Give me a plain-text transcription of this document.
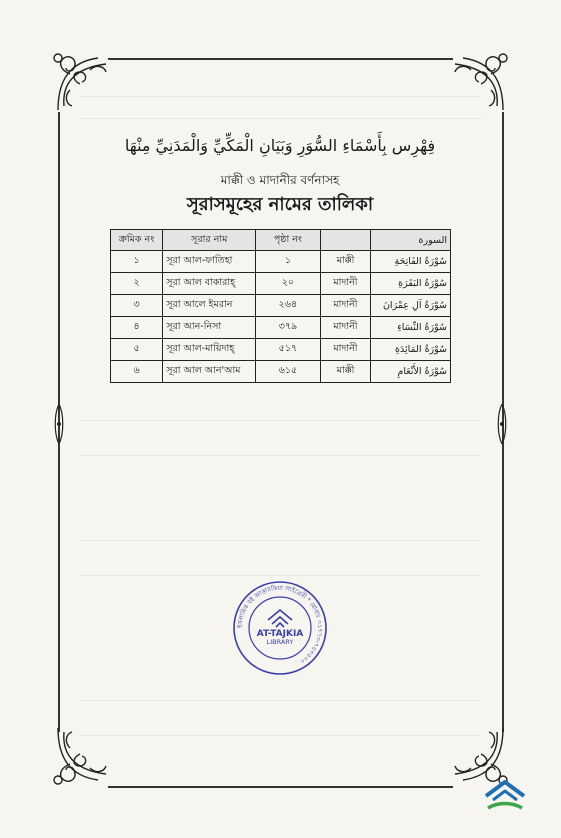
فِهْرِس بِأَسْمَاءِ السُّوَرِ وَبَيَانِ الْمَكِّيِّ وَالْمَدَنِيِّ مِنْهَا
মাক্কী ও মাদানীর বর্ণনাসহ
সূরাসমূহের নামের তালিকা
ক্রমিক নং	সূরার নাম	পৃষ্ঠা নং		السورة
১	সূরা আল-ফাতিহা	১	মাক্কী	سُوْرَةُ الفَاتِحَةِ
২	সূরা আল বাকারাহ্	২০	মাদানী	سُوْرَةُ البَقَرَةِ
৩	সূরা আলে ইমরান	২৬৪	মাদানী	سُوْرَةُ آلِ عِمْرَانَ
৪	সূরা আন-নিসা	৩৭৯	মাদানী	سُوْرَةُ النِّسَاءِ
৫	সূরা আল-মায়িদাহ্	৫১৭	মাদানী	سُوْرَةُ المَائِدَةِ
৬	সূরা আল আন'আম	৬১৫	মাক্কী	سُوْرَةُ الأَنْعَامِ
ইসলামিক বই আত্তাযকিয়া লাইব্রেরী * মোবাঃ ০১৭৭৩-৭৫৩৫০০
AT-TAJKIA
LIBRARY
